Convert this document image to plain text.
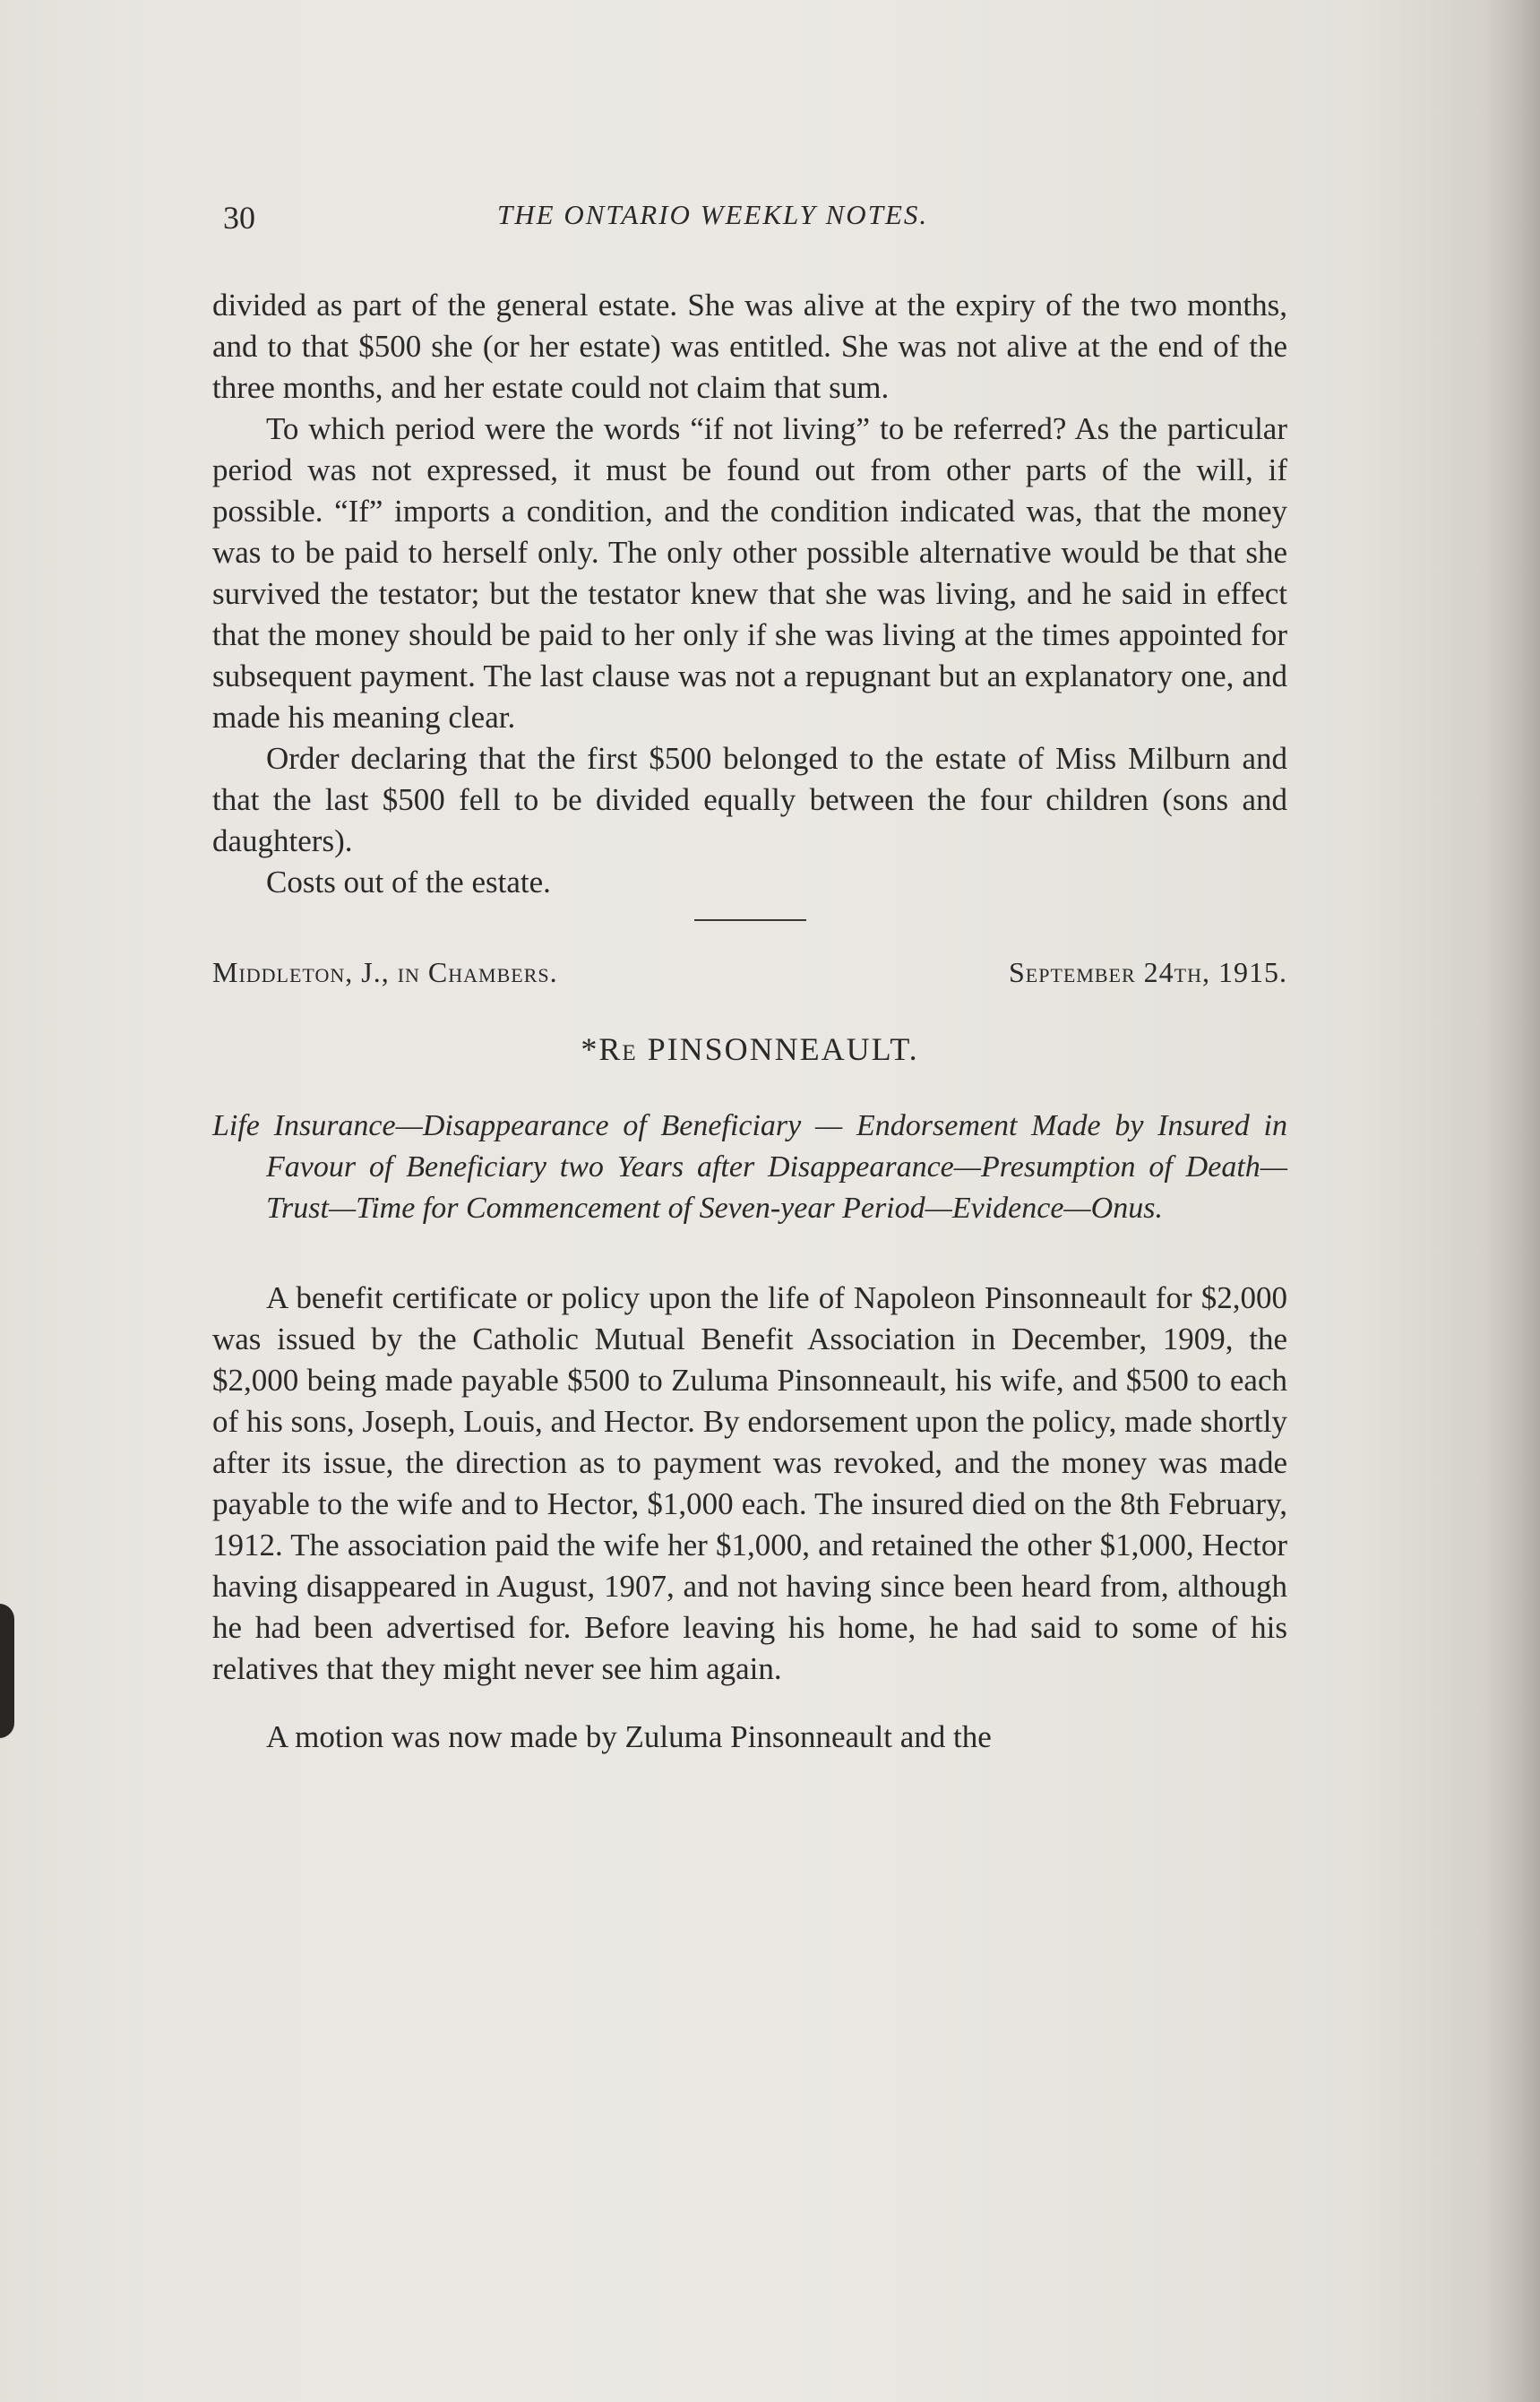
30	THE ONTARIO WEEKLY NOTES.

divided as part of the general estate. She was alive at the expiry of the two months, and to that $500 she (or her estate) was entitled. She was not alive at the end of the three months, and her estate could not claim that sum.

To which period were the words “if not living” to be referred? As the particular period was not expressed, it must be found out from other parts of the will, if possible. “If” imports a condition, and the condition indicated was, that the money was to be paid to herself only. The only other possible alternative would be that she survived the testator; but the testator knew that she was living, and he said in effect that the money should be paid to her only if she was living at the times appointed for subsequent payment. The last clause was not a repugnant but an explanatory one, and made his meaning clear.

Order declaring that the first $500 belonged to the estate of Miss Milburn and that the last $500 fell to be divided equally between the four children (sons and daughters).

Costs out of the estate.

Middleton, J., in Chambers.	September 24th, 1915.
*Re PINSONNEAULT.
Life Insurance—Disappearance of Beneficiary — Endorsement Made by Insured in Favour of Beneficiary two Years after Disappearance—Presumption of Death—Trust—Time for Commencement of Seven-year Period—Evidence—Onus.

A benefit certificate or policy upon the life of Napoleon Pinsonneault for $2,000 was issued by the Catholic Mutual Benefit Association in December, 1909, the $2,000 being made payable $500 to Zuluma Pinsonneault, his wife, and $500 to each of his sons, Joseph, Louis, and Hector. By endorsement upon the policy, made shortly after its issue, the direction as to payment was revoked, and the money was made payable to the wife and to Hector, $1,000 each. The insured died on the 8th February, 1912. The association paid the wife her $1,000, and retained the other $1,000, Hector having disappeared in August, 1907, and not having since been heard from, although he had been advertised for. Before leaving his home, he had said to some of his relatives that they might never see him again.

A motion was now made by Zuluma Pinsonneault and the
